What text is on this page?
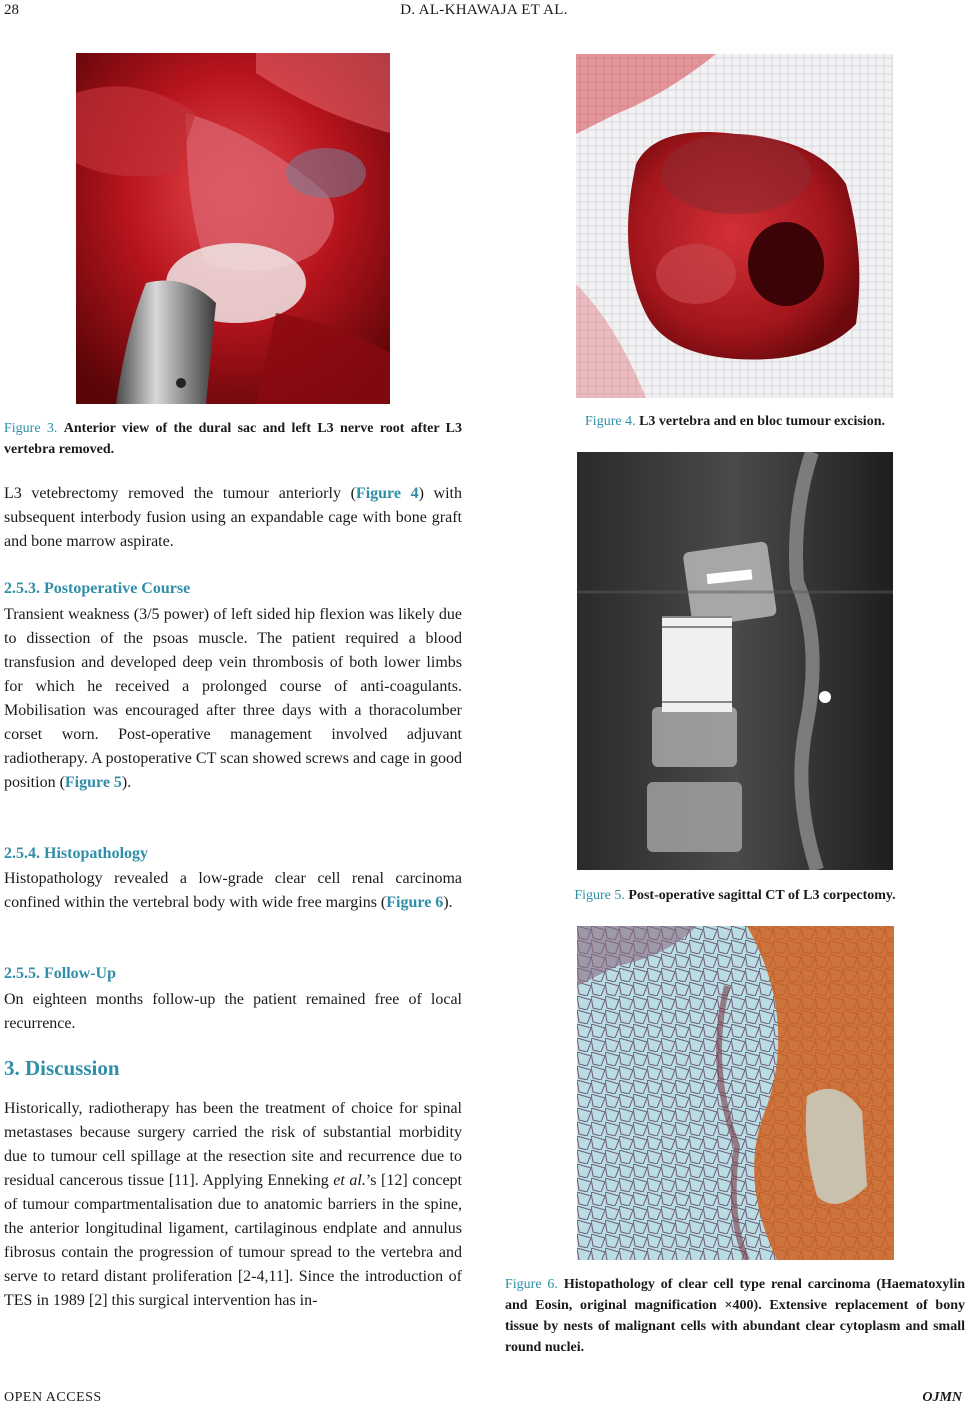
28	D. AL-KHAWAJA ET AL.
OPEN ACCESS	OJMN
Figure 3. Anterior view of the dural sac and left L3 nerve root after L3 vertebra removed.
L3 vetebrectomy removed the tumour anteriorly (Figure 4) with subsequent interbody fusion using an expandable cage with bone graft and bone marrow aspirate.
2.5.3. Postoperative Course
Transient weakness (3/5 power) of left sided hip flexion was likely due to dissection of the psoas muscle. The patient required a blood transfusion and developed deep vein thrombosis of both lower limbs for which he received a prolonged course of anti-coagulants. Mobilisation was encouraged after three days with a thoracolumber corset worn. Post-operative management involved adjuvant radiotherapy. A postoperative CT scan showed screws and cage in good position (Figure 5).
2.5.4. Histopathology
Histopathology revealed a low-grade clear cell renal carcinoma confined within the vertebral body with wide free margins (Figure 6).
2.5.5. Follow-Up
On eighteen months follow-up the patient remained free of local recurrence.
3. Discussion
Historically, radiotherapy has been the treatment of choice for spinal metastases because surgery carried the risk of substantial morbidity due to tumour cell spillage at the resection site and recurrence due to residual cancerous tissue [11]. Applying Enneking et al.’s [12] concept of tumour compartmentalisation due to anatomic barriers in the spine, the anterior longitudinal ligament, cartilaginous endplate and annulus fibrosus contain the progression of tumour spread to the vertebra and serve to retard distant proliferation [2-4,11]. Since the introduction of TES in 1989 [2] this surgical intervention has in-
Figure 4. L3 vertebra and en bloc tumour excision.
Figure 5. Post-operative sagittal CT of L3 corpectomy.
Figure 6. Histopathology of clear cell type renal carcinoma (Haematoxylin and Eosin, original magnification ×400). Extensive replacement of bony tissue by nests of malignant cells with abundant clear cytoplasm and small round nuclei.
